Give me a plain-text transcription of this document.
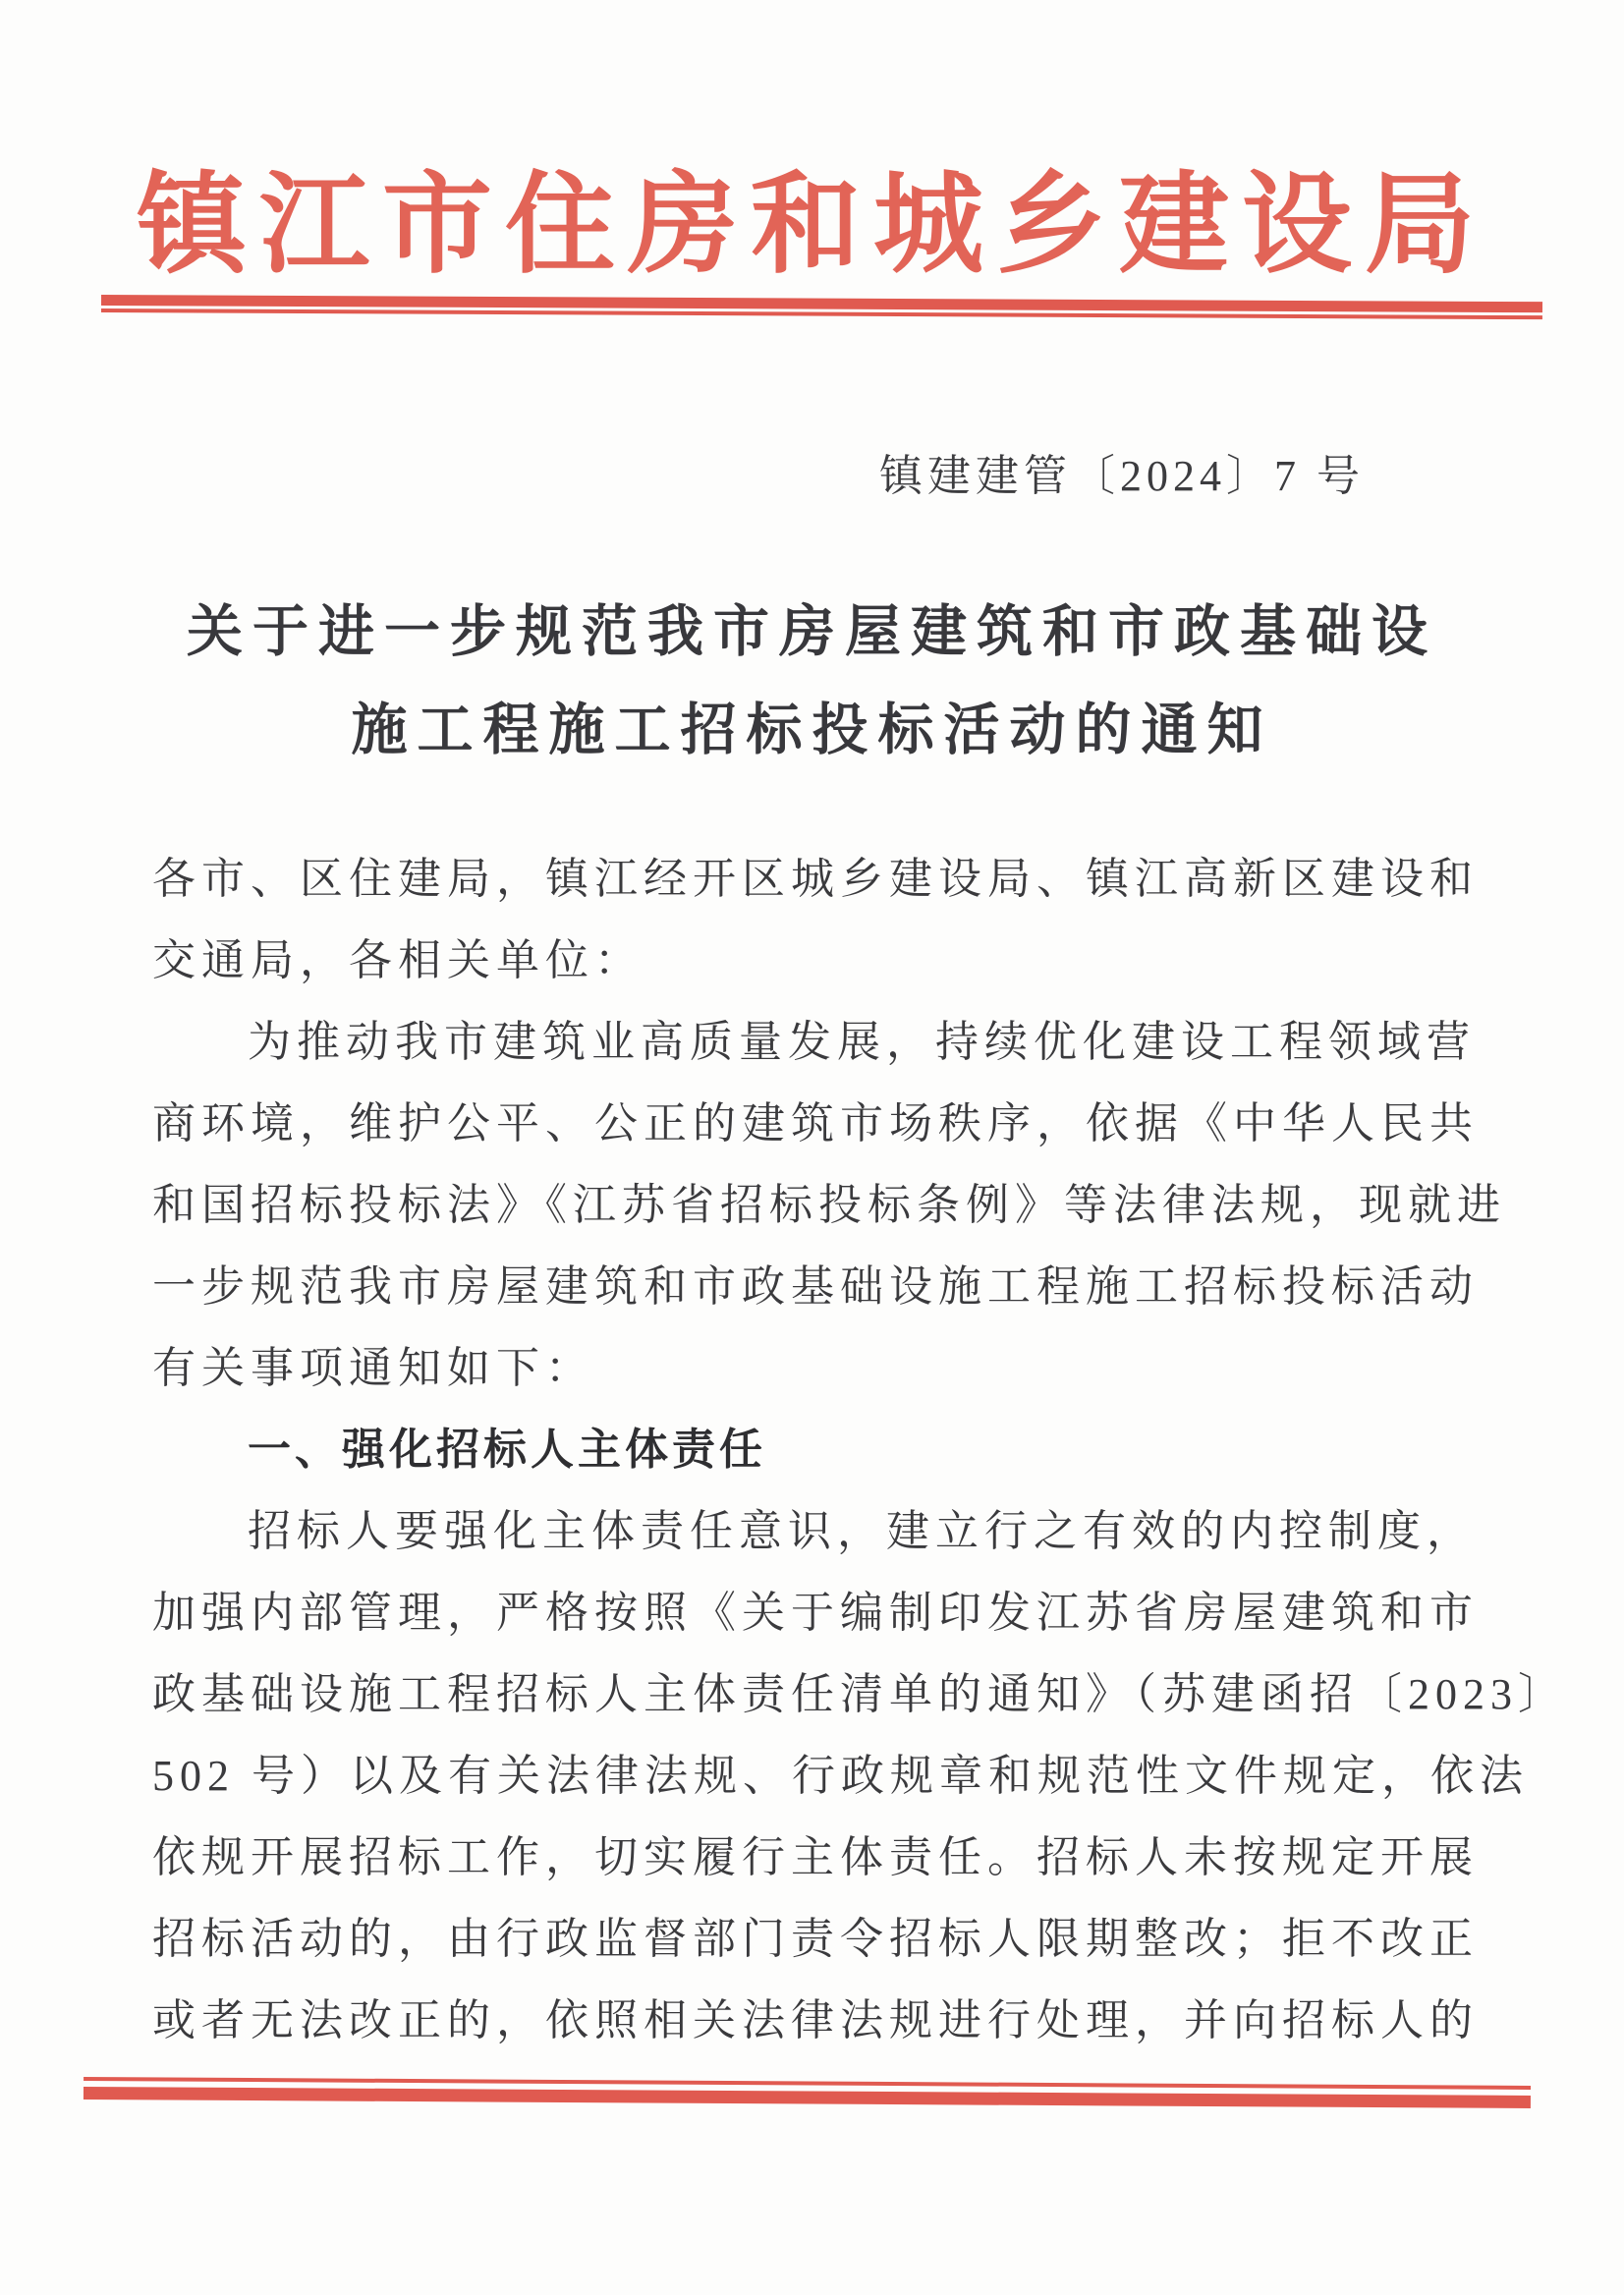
镇江市住房和城乡建设局
镇建建管〔2024〕7 号
关于进一步规范我市房屋建筑和市政基础设
施工程施工招标投标活动的通知
各市、区住建局，镇江经开区城乡建设局、镇江高新区建设和
交通局，各相关单位：
为推动我市建筑业高质量发展，持续优化建设工程领域营
商环境，维护公平、公正的建筑市场秩序，依据《中华人民共
和国招标投标法》《江苏省招标投标条例》等法律法规，现就进
一步规范我市房屋建筑和市政基础设施工程施工招标投标活动
有关事项通知如下：
一、强化招标人主体责任
招标人要强化主体责任意识，建立行之有效的内控制度，
加强内部管理，严格按照《关于编制印发江苏省房屋建筑和市
政基础设施工程招标人主体责任清单的通知》（苏建函招〔2023〕
502 号）以及有关法律法规、行政规章和规范性文件规定，依法
依规开展招标工作，切实履行主体责任。招标人未按规定开展
招标活动的，由行政监督部门责令招标人限期整改；拒不改正
或者无法改正的，依照相关法律法规进行处理，并向招标人的
